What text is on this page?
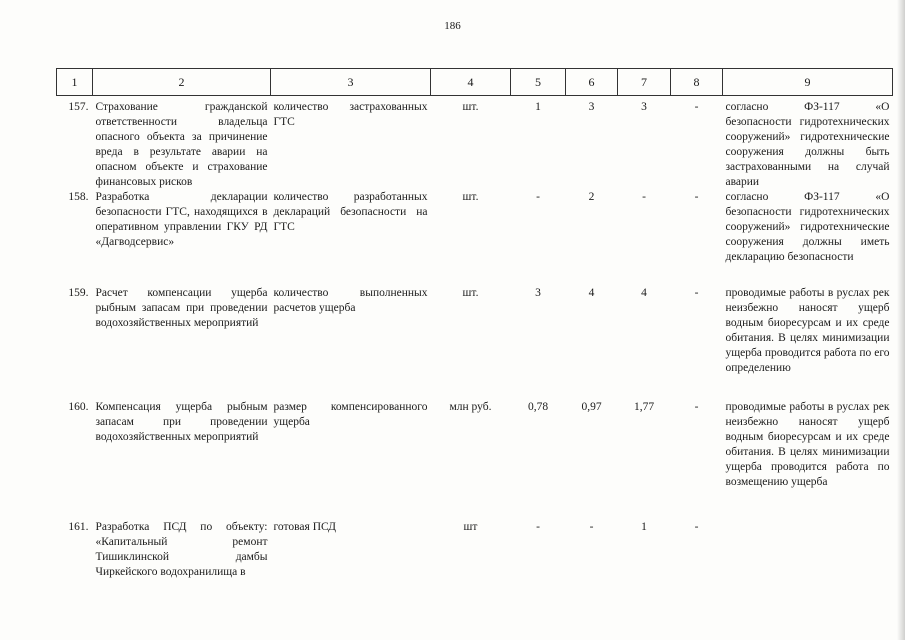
186
1	2	3	4	5	6	7	8	9
157.	Страхование гражданской ответственности владельца опасного объекта за причинение вреда в результате аварии на опасном объекте и страхование финансовых рисков	количество застрахованных ГТС	шт.	1	3	3	-	согласно ФЗ-117 «О безопасности гидротехнических сооружений» гидротехнические сооружения должны быть застрахованными на случай аварии
158.	Разработка декларации безопасности ГТС, находящихся в оперативном управлении ГКУ РД «Дагводсервис»	количество разработанных деклараций безопасности на ГТС	шт.	-	2	-	-	согласно ФЗ-117 «О безопасности гидротехнических сооружений» гидротехнические сооружения должны иметь декларацию безопасности
159.	Расчет компенсации ущерба рыбным запасам при проведении водохозяйственных мероприятий	количество выполненных расчетов ущерба	шт.	3	4	4	-	проводимые работы в руслах рек неизбежно наносят ущерб водным биоресурсам и их среде обитания. В целях минимизации ущерба проводится работа по его определению
160.	Компенсация ущерба рыбным запасам при проведении водохозяйственных мероприятий	размер компенсированного ущерба	млн руб.	0,78	0,97	1,77	-	проводимые работы в руслах рек неизбежно наносят ущерб водным биоресурсам и их среде обитания. В целях минимизации ущерба проводится работа по возмещению ущерба
161.	Разработка ПСД по объекту: «Капитальный ремонт Тишиклинской дамбы Чиркейского водохранилища в	готовая ПСД	шт	-	-	1	-	
